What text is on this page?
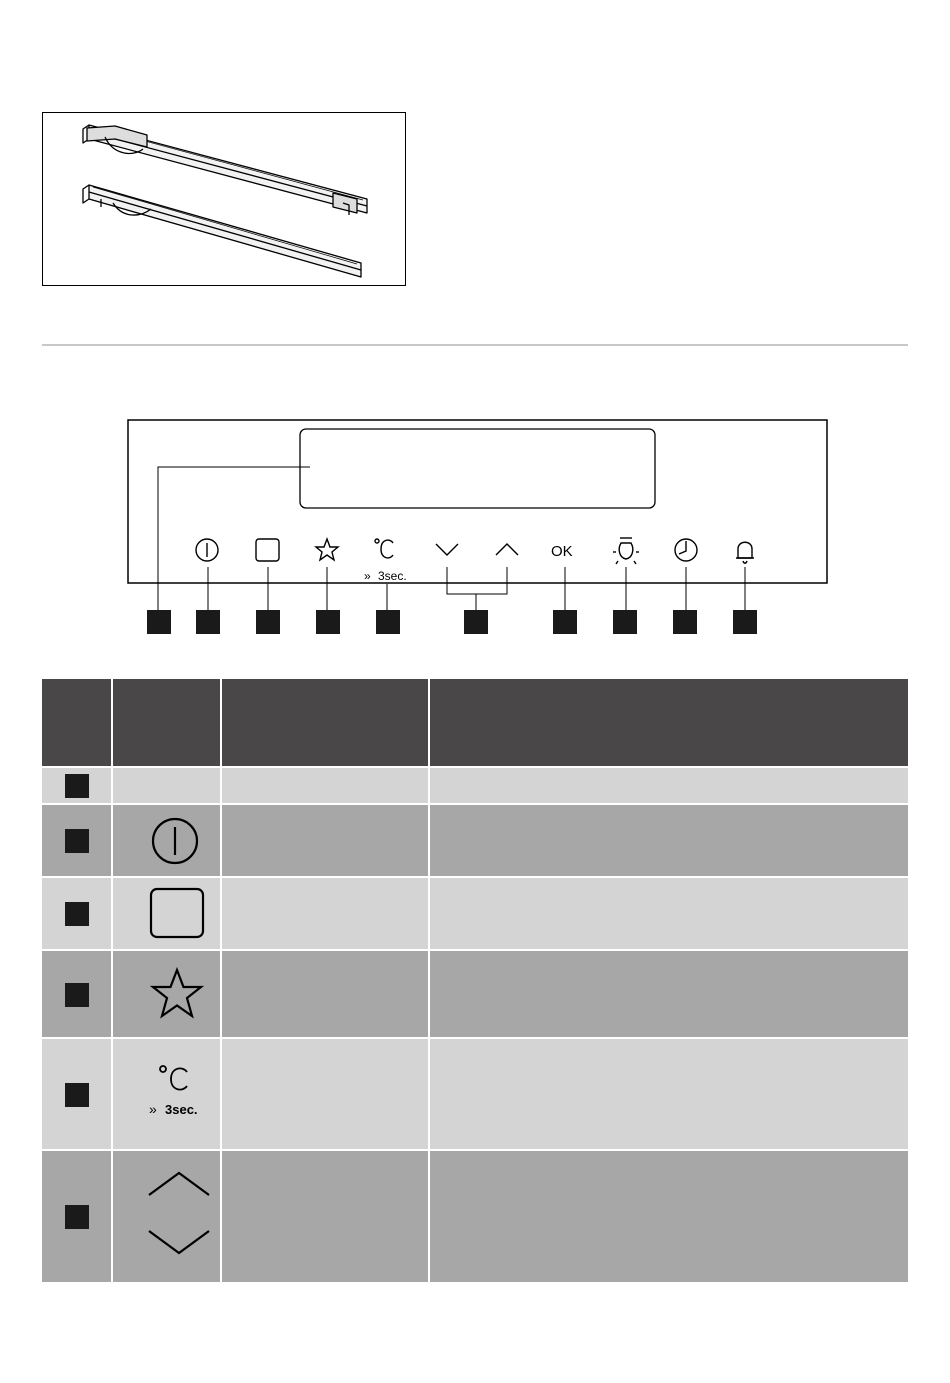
OK
» 3sec.
» 3sec.
